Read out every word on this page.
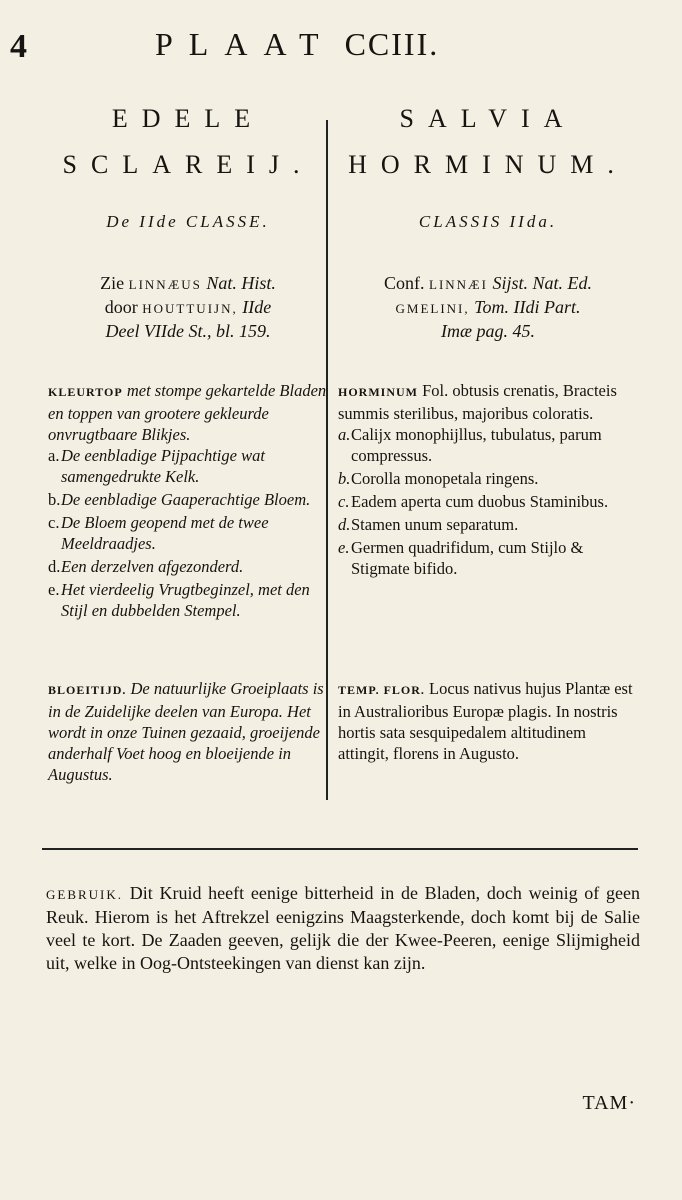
4	PLAAT CCIII.
EDELE
SCLAREIJ.
De IIde CLASSE.
Zie LINNÆUS Nat. Hist.
door HOUTTUIJN, IIde
Deel VIIde St., bl. 159.
KLEURTOP met stompe gekartelde Bladen en toppen van grootere gekleurde onvrugtbaare Blikjes.
a. De eenbladige Pijpachtige wat samengedrukte Kelk.
b. De eenbladige Gaaperachtige Bloem.
c. De Bloem geopend met de twee Meeldraadjes.
d. Een derzelven afgezonderd.
e. Het vierdeelig Vrugtbeginzel, met den Stijl en dubbelden Stempel.
BLOEITIJD. De natuurlijke Groeiplaats is in de Zuidelijke deelen van Europa. Het wordt in onze Tuinen gezaaid, groeijende anderhalf Voet hoog en bloeijende in Augustus.
SALVIA
HORMINUM.
CLASSIS IIda.
Conf. LINNÆI Sijst. Nat. Ed.
GMELINI, Tom. IIdi Part.
Imæ pag. 45.
HORMINUM Fol. obtusis crenatis, Bracteis summis sterilibus, majoribus coloratis.
a. Calijx monophijllus, tubulatus, parum compressus.
b. Corolla monopetala ringens.
c. Eadem aperta cum duobus Staminibus.
d. Stamen unum separatum.
e. Germen quadrifidum, cum Stijlo & Stigmate bifido.
TEMP. FLOR. Locus nativus hujus Plantæ est in Australioribus Europæ plagis. In nostris hortis sata sesquipedalem altitudinem attingit, florens in Augusto.
GEBRUIK. Dit Kruid heeft eenige bitterheid in de Bladen, doch weinig of geen Reuk. Hierom is het Aftrekzel eenigzins Maagsterkende, doch komt bij de Salie veel te kort. De Zaaden geeven, gelijk die der Kwee-Peeren, eenige Slijmigheid uit, welke in Oog-Ontsteekingen van dienst kan zijn.
TAM·
